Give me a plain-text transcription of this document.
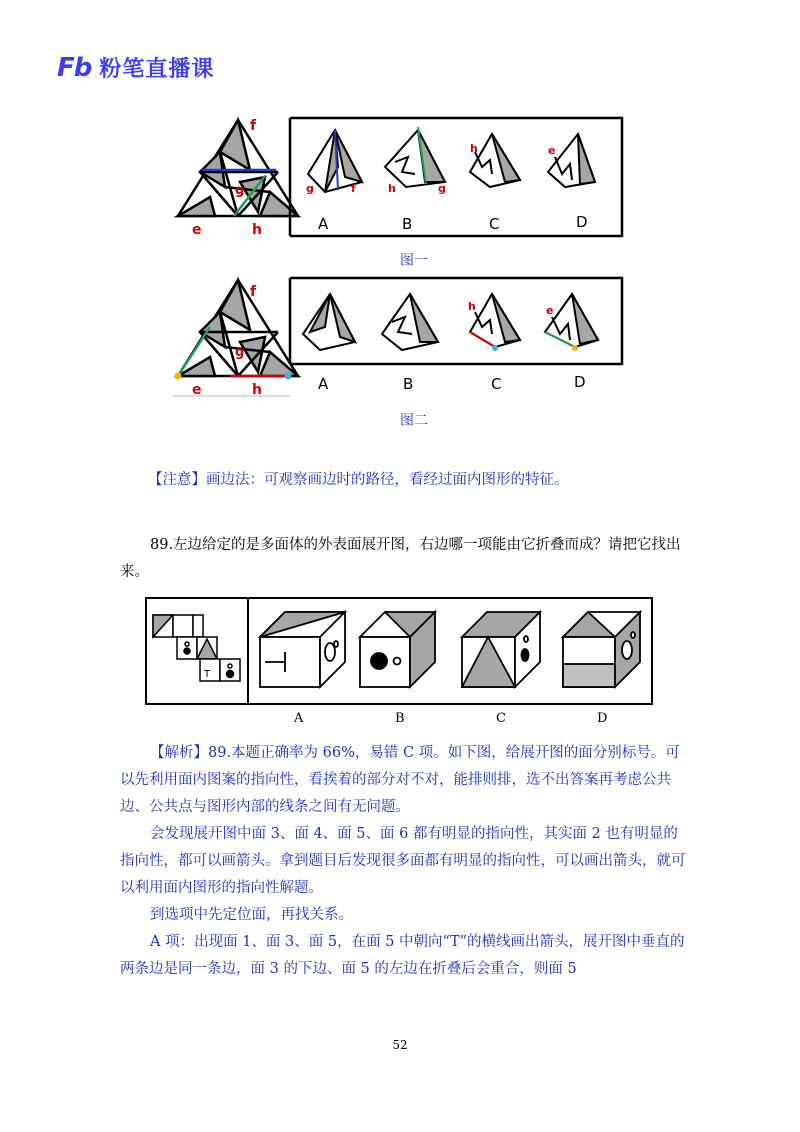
Fb 粉笔直播课
f
g
e	h
g	f	h	g
h	e
A	B	C	D
图一
f
g
e	h
h	e
A	B	C	D
图二

【注意】画边法：可观察画边时的路径，看经过面内图形的特征。

89.左边给定的是多面体的外表面展开图，右边哪一项能由它折叠而成？请把它找出来。

T
A	B	C	D

【解析】89.本题正确率为 66%，易错 C 项。如下图，给展开图的面分别标号。可以先利用面内图案的指向性，看挨着的部分对不对，能排则排，选不出答案再考虑公共边、公共点与图形内部的线条之间有无问题。

会发现展开图中面 3、面 4、面 5、面 6 都有明显的指向性，其实面 2 也有明显的指向性，都可以画箭头。拿到题目后发现很多面都有明显的指向性，可以画出箭头，就可以利用面内图形的指向性解题。

到选项中先定位面，再找关系。

A 项：出现面 1、面 3、面 5，在面 5 中朝向“T”的横线画出箭头，展开图中垂直的两条边是同一条边，面 3 的下边、面 5 的左边在折叠后会重合，则面 5

52
